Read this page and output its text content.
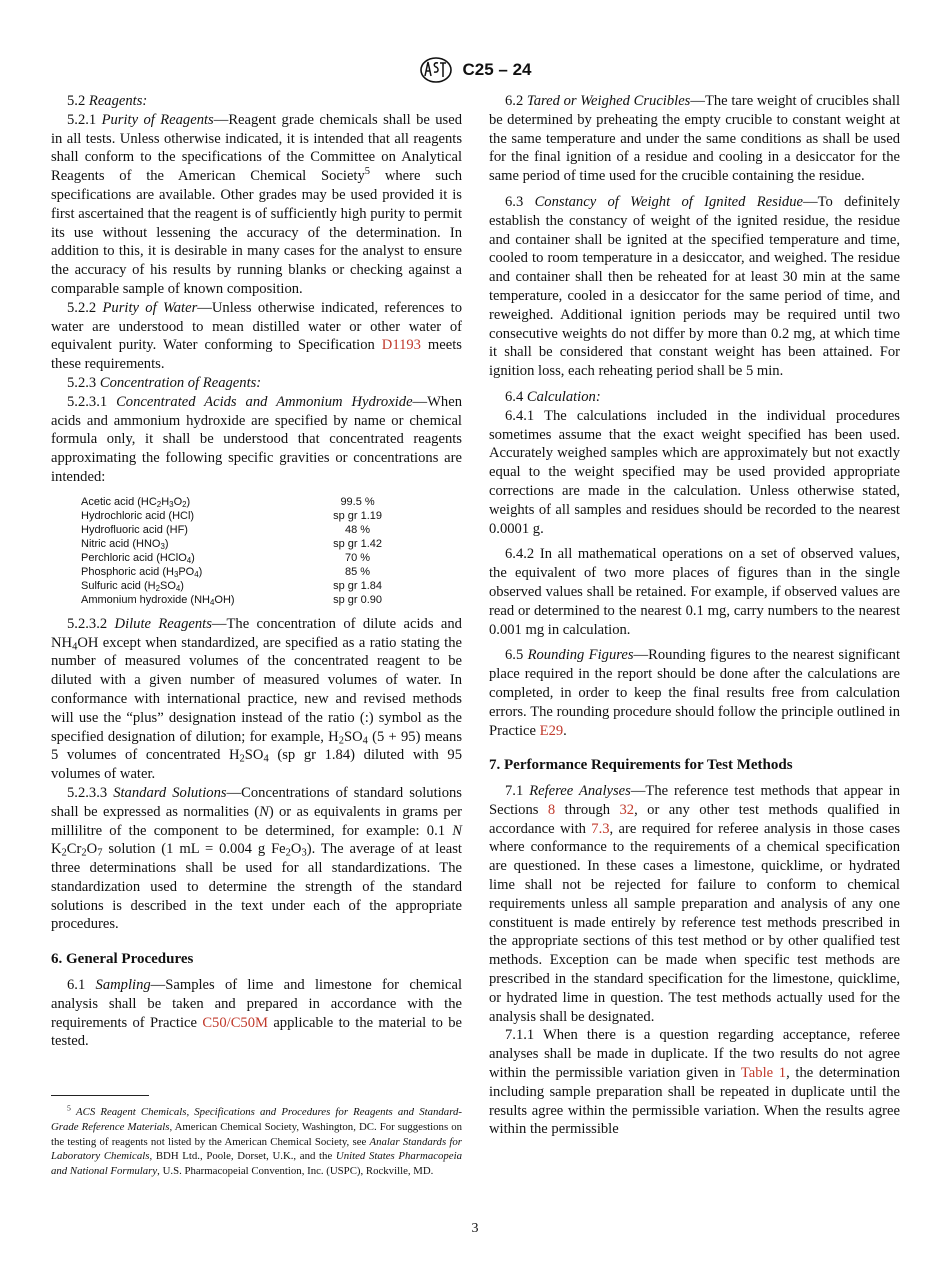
C25 – 24

5.2 Reagents:

5.2.1 Purity of Reagents—Reagent grade chemicals shall be used in all tests. Unless otherwise indicated, it is intended that all reagents shall conform to the specifications of the Committee on Analytical Reagents of the American Chemical Society$^5$ where such specifications are available. Other grades may be used provided it is first ascertained that the reagent is of sufficiently high purity to permit its use without lessening the accuracy of the determination. In addition to this, it is desirable in many cases for the analyst to ensure the accuracy of his results by running blanks or checking against a comparable sample of known composition.

5.2.2 Purity of Water—Unless otherwise indicated, references to water are understood to mean distilled water or other water of equivalent purity. Water conforming to Specification D1193 meets these requirements.

5.2.3 Concentration of Reagents:

5.2.3.1 Concentrated Acids and Ammonium Hydroxide—When acids and ammonium hydroxide are specified by name or chemical formula only, it shall be understood that concentrated reagents approximating the following specific gravities or concentrations are intended:

Acetic acid $(HC_2H_3O_2)$	99.5 %
Hydrochloric acid (HCl)	sp gr 1.19
Hydrofluoric acid (HF)	48 %
Nitric acid $(HNO_3)$	sp gr 1.42
Perchloric acid (HClO$_4$)	70 %
Phosphoric acid $(H_3PO_4)$	85 %
Sulfuric acid $(H_2SO_4)$	sp gr 1.84
Ammonium hydroxide $(NH_4OH)$	sp gr 0.90

5.2.3.2 Dilute Reagents—The concentration of dilute acids and $NH_4OH$ except when standardized, are specified as a ratio stating the number of measured volumes of the concentrated reagent to be diluted with a given number of measured volumes of water. In conformance with international practice, new and revised methods will use the “plus” designation instead of the ratio (:) symbol as the specified designation of dilution; for example, $H_2SO_4$ (5 + 95) means 5 volumes of concentrated $H_2SO_4$ (sp gr 1.84) diluted with 95 volumes of water.

5.2.3.3 Standard Solutions—Concentrations of standard solutions shall be expressed as normalities (N) or as equivalents in grams per millilitre of the component to be determined, for example: 0.1 N $K_2Cr_2O_7$ solution (1 mL = 0.004 g $Fe_2O_3$). The average of at least three determinations shall be used for all standardizations. The standardization used to determine the strength of the standard solutions is described in the text under each of the appropriate procedures.

6. General Procedures

6.1 Sampling—Samples of lime and limestone for chemical analysis shall be taken and prepared in accordance with the requirements of Practice C50/C50M applicable to the material to be tested.

$^5$ ACS Reagent Chemicals, Specifications and Procedures for Reagents and Standard-Grade Reference Materials, American Chemical Society, Washington, DC. For suggestions on the testing of reagents not listed by the American Chemical Society, see Analar Standards for Laboratory Chemicals, BDH Ltd., Poole, Dorset, U.K., and the United States Pharmacopeia and National Formulary, U.S. Pharmacopeial Convention, Inc. (USPC), Rockville, MD.

6.2 Tared or Weighed Crucibles—The tare weight of crucibles shall be determined by preheating the empty crucible to constant weight at the same temperature and under the same conditions as shall be used for the final ignition of a residue and cooling in a desiccator for the same period of time used for the crucible containing the residue.

6.3 Constancy of Weight of Ignited Residue—To definitely establish the constancy of weight of the ignited residue, the residue and container shall be ignited at the specified temperature and time, cooled to room temperature in a desiccator, and weighed. The residue and container shall then be reheated for at least 30 min at the same temperature, cooled in a desiccator for the same period of time, and reweighed. Additional ignition periods may be required until two consecutive weights do not differ by more than 0.2 mg, at which time it shall be considered that constant weight has been attained. For ignition loss, each reheating period shall be 5 min.

6.4 Calculation:

6.4.1 The calculations included in the individual procedures sometimes assume that the exact weight specified has been used. Accurately weighed samples which are approximately but not exactly equal to the weight specified may be used provided appropriate corrections are made in the calculation. Unless otherwise stated, weights of all samples and residues should be recorded to the nearest 0.0001 g.

6.4.2 In all mathematical operations on a set of observed values, the equivalent of two more places of figures than in the single observed values shall be retained. For example, if observed values are read or determined to the nearest 0.1 mg, carry numbers to the nearest 0.001 mg in calculation.

6.5 Rounding Figures—Rounding figures to the nearest significant place required in the report should be done after the calculations are completed, in order to keep the final results free from calculation errors. The rounding procedure should follow the principle outlined in Practice E29.

7. Performance Requirements for Test Methods

7.1 Referee Analyses—The reference test methods that appear in Sections 8 through 32, or any other test methods qualified in accordance with 7.3, are required for referee analysis in those cases where conformance to the requirements of a chemical specification are questioned. In these cases a limestone, quicklime, or hydrated lime shall not be rejected for failure to conform to chemical requirements unless all sample preparation and analysis of any one constituent is made entirely by reference test methods prescribed in the appropriate sections of this test method or by other qualified test methods. Exception can be made when specific test methods are prescribed in the standard specification for the limestone, quicklime, or hydrated lime in question. The test methods actually used for the analysis shall be designated.

7.1.1 When there is a question regarding acceptance, referee analyses shall be made in duplicate. If the two results do not agree within the permissible variation given in Table 1, the determination including sample preparation shall be repeated in duplicate until the results agree within the permissible variation. When the results agree within the permissible

3
